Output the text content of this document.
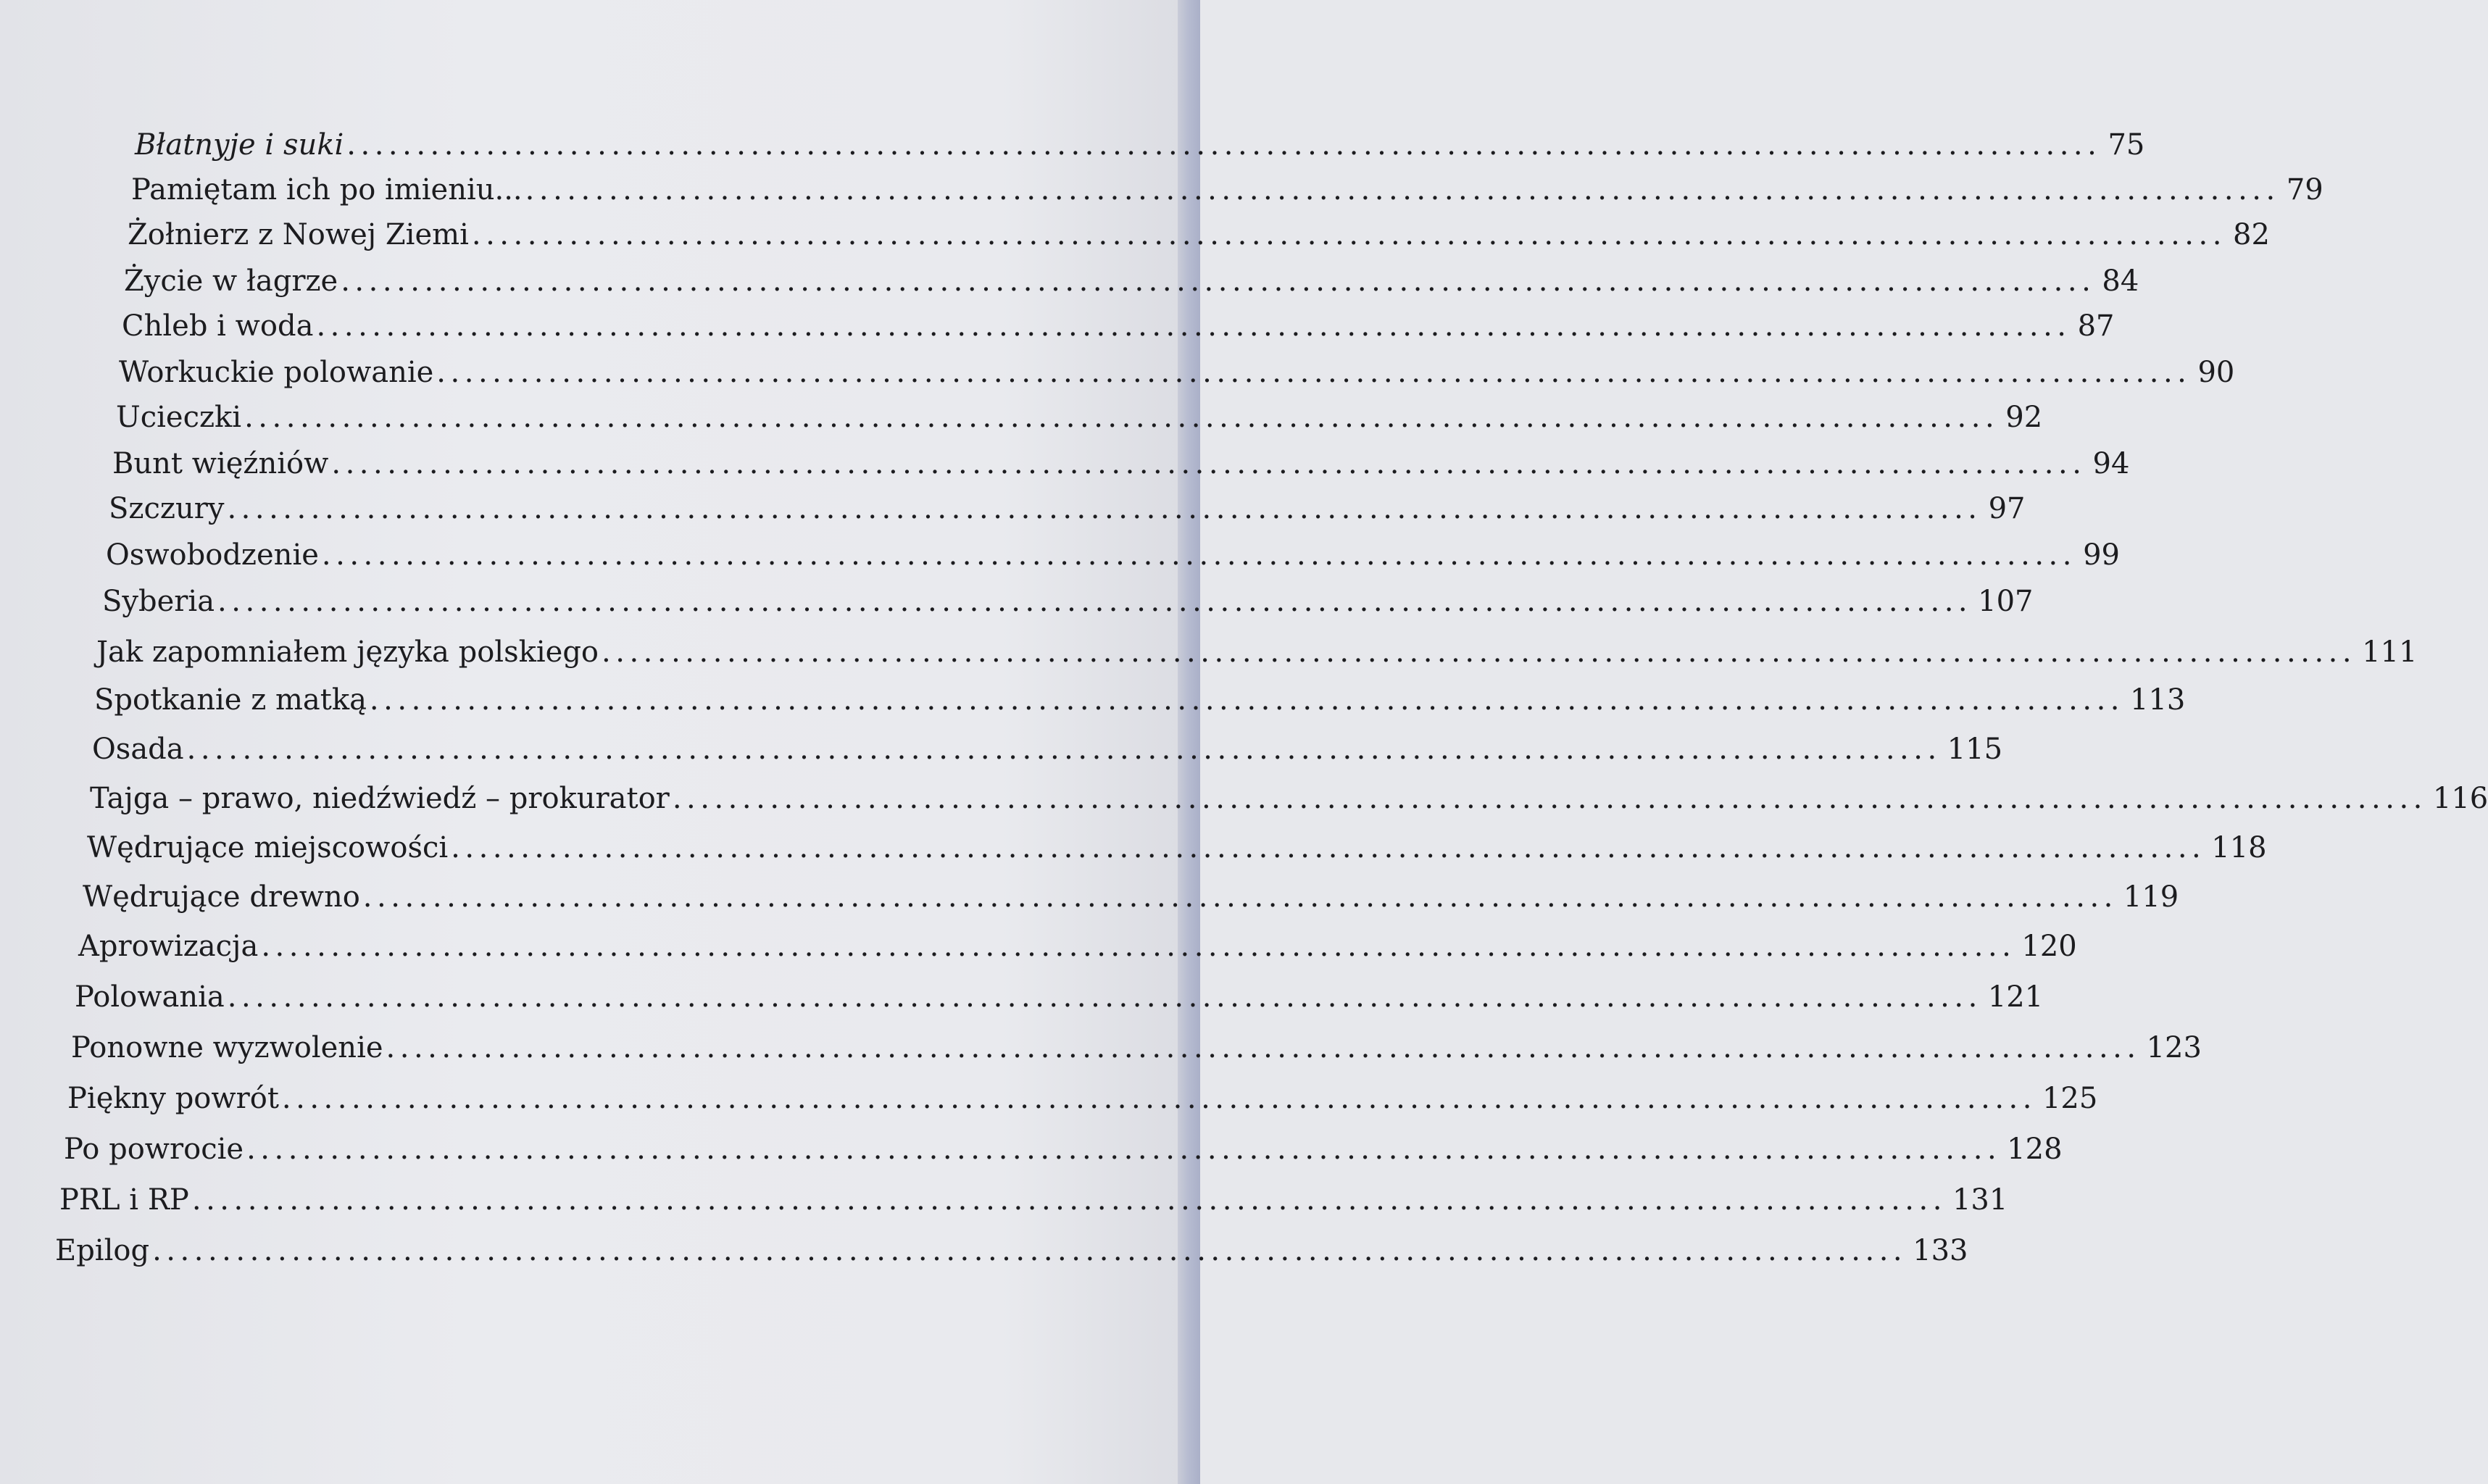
Błatnyje i suki .............................................................................................................................. 75
Pamiętam ich po imieniu... .............................................................................................................................. 79
Żołnierz z Nowej Ziemi .............................................................................................................................. 82
Życie w łagrze .............................................................................................................................. 84
Chleb i woda .............................................................................................................................. 87
Workuckie polowanie .............................................................................................................................. 90
Ucieczki .............................................................................................................................. 92
Bunt więźniów .............................................................................................................................. 94
Szczury .............................................................................................................................. 97
Oswobodzenie .............................................................................................................................. 99
Syberia .............................................................................................................................. 107
Jak zapomniałem języka polskiego .............................................................................................................................. 111
Spotkanie z matką .............................................................................................................................. 113
Osada .............................................................................................................................. 115
Tajga – prawo, niedźwiedź – prokurator .............................................................................................................................. 116
Wędrujące miejscowości .............................................................................................................................. 118
Wędrujące drewno .............................................................................................................................. 119
Aprowizacja .............................................................................................................................. 120
Polowania .............................................................................................................................. 121
Ponowne wyzwolenie .............................................................................................................................. 123
Piękny powrót .............................................................................................................................. 125
Po powrocie .............................................................................................................................. 128
PRL i RP .............................................................................................................................. 131
Epilog .............................................................................................................................. 133
